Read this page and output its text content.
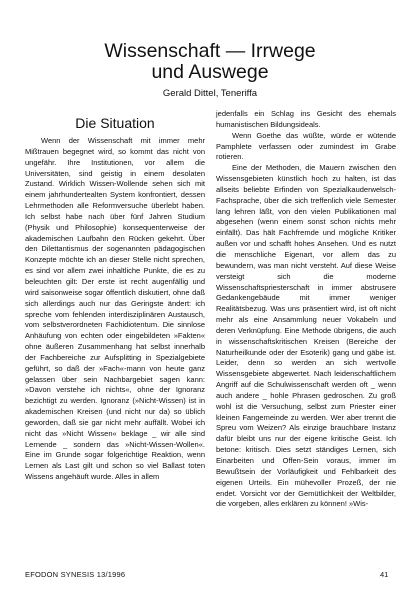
Wissenschaft — Irrwege
und Auswege
Gerald Dittel, Teneriffa
Die Situation

Wenn der Wissenschaft mit immer mehr Mißtrauen begegnet wird, so kommt das nicht von ungefähr. Ihre Institutionen, vor allem die Universitäten, sind geistig in einem desolaten Zustand. Wirklich Wissen-Wollende sehen sich mit einem jahrhundertealten System konfrontiert, dessen Lehrmethoden alle Reformversuche überlebt haben. Ich selbst habe nach über fünf Jahren Studium (Physik und Philosophie) konsequenterweise der akademischen Laufbahn den Rücken gekehrt. Über den Dilettantismus der sogenannten pädagogischen Konzepte möchte ich an dieser Stelle nicht sprechen, es sind vor allem zwei inhaltliche Punkte, die es zu beleuchten gilt: Der erste ist recht augenfällig und wird saisonweise sogar öffentlich diskutiert, ohne daß sich allerdings auch nur das Geringste ändert: ich spreche vom fehlenden interdisziplinären Austausch, vom selbstverordneten Fachidiotentum. Die sinnlose Anhäufung von echten oder eingebildeten »Fakten« ohne äußeren Zusammenhang hat selbst innerhalb der Fachbereiche zur Aufsplitting in Spezialgebiete geführt, so daß der »Fach«-mann von heute ganz gelassen über sein Nachbargebiet sagen kann: »Davon verstehe ich nichts«, ohne der Ignoranz bezichtigt zu werden. Ignoranz (»Nicht-Wissen) ist in akademischen Kreisen (und nicht nur da) so üblich geworden, daß sie gar nicht mehr auffällt. Wobei ich nicht das »Nicht Wissen« beklage _ wir alle sind Lernende _ sondern das »Nicht-Wissen-Wollen«. Eine im Grunde sogar folgerichtige Reaktion, wenn Lernen als Last gilt und schon so viel Ballast toten Wissens angehäuft wurde. Alles in allem

jedenfalls ein Schlag ins Gesicht des ehemals humanistischen Bildungsideals.

Wenn Goethe das wüßte, würde er wütende Pamphlete verfassen oder zumindest im Grabe rotieren.

Eine der Methoden, die Mauern zwischen den Wissensgebieten künstlich hoch zu halten, ist das allseits beliebte Erfinden von Spezialkauderwelsch-Fachsprache, über die sich treffenlich viele Semester lang lehren läßt, von den vielen Publikationen mal abgesehen (wenn einem sonst schon nichts mehr einfällt). Das hält Fachfremde und mögliche Kritiker außen vor und schafft hohes Ansehen. Und es nutzt die menschliche Eigenart, vor allem das zu bewundern, was man nicht versteht. Auf diese Weise versteigt sich die moderne Wissenschaftspriesterschaft in immer abstrusere Gedankengebäude mit immer weniger Realitätsbezug. Was uns präsentiert wird, ist oft nicht mehr als eine Ansammlung neuer Vokabeln und deren Verknüpfung. Eine Methode übrigens, die auch in wissenschaftskritischen Kreisen (Bereiche der Naturheilkunde oder der Esoterik) gang und gäbe ist. Leider, denn so werden an sich wertvolle Wissensgebiete abgewertet. Nach leidenschaftlichem Angriff auf die Schulwissenschaft werden oft _ wenn auch andere _ hohle Phrasen gedroschen. Zu groß wohl ist die Versuchung, selbst zum Priester einer kleinen Fangemeinde zu werden. Wer aber trennt die Spreu vom Weizen? Als einzige brauchbare Instanz dafür bleibt uns nur der eigene kritische Geist. Ich betone: kritisch. Dies setzt ständiges Lernen, sich Einarbeiten und Offen-Sein voraus, immer im Bewußtsein der Vorläufigkeit und Fehlbarkeit des eigenen Urteils. Ein mühevoller Prozeß, der nie endet. Vorsicht vor der Gemütlichkeit der Weltbilder, die vorgeben, alles erklären zu können! »Wis-

EFODON SYNESIS 13/1996	41
